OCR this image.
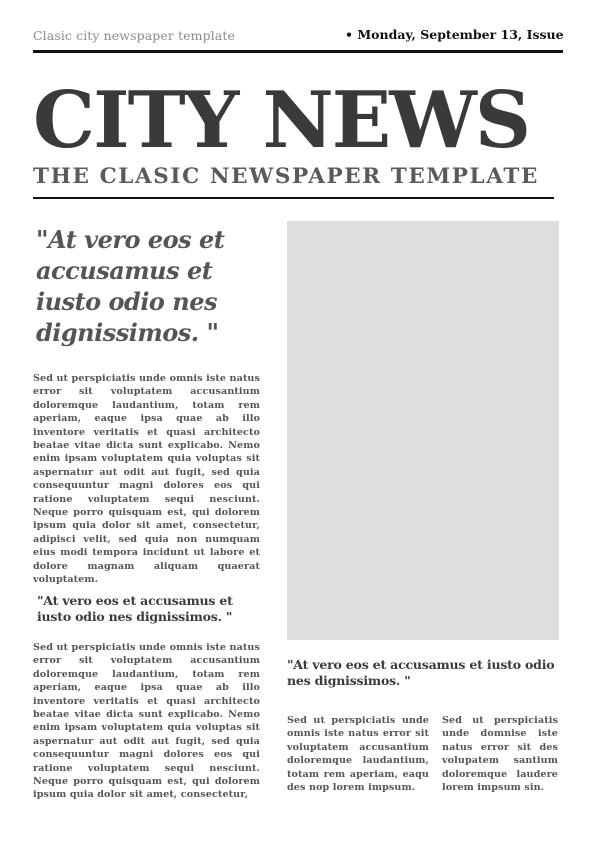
Clasic city newspaper template	• Monday, September 13, Issue
CITY NEWS
THE CLASIC NEWSPAPER TEMPLATE
"At vero eos et accusamus et iusto odio nes dignissimos. "
Sed ut perspiciatis unde omnis iste natus error sit voluptatem accusantium doloremque laudantium, totam rem aperiam, eaque ipsa quae ab illo inventore veritatis et quasi architecto beatae vitae dicta sunt explicabo. Nemo enim ipsam voluptatem quia voluptas sit aspernatur aut odit aut fugit, sed quia consequuntur magni dolores eos qui ratione voluptatem sequi nesciunt. Neque porro quisquam est, qui dolorem ipsum quia dolor sit amet, consectetur, adipisci velit, sed quia non numquam eius modi tempora incidunt ut labore et dolore magnam aliquam quaerat voluptatem.
"At vero eos et accusamus et iusto odio nes dignissimos. "
Sed ut perspiciatis unde omnis iste natus error sit voluptatem accusantium doloremque laudantium, totam rem aperiam, eaque ipsa quae ab illo inventore veritatis et quasi architecto beatae vitae dicta sunt explicabo. Nemo enim ipsam voluptatem quia voluptas sit aspernatur aut odit aut fugit, sed quia consequuntur magni dolores eos qui ratione voluptatem sequi nesciunt. Neque porro quisquam est, qui dolorem ipsum quia dolor sit amet, consectetur,
"At vero eos et accusamus et iusto odio nes dignissimos. "
Sed ut perspiciatis unde omnis iste natus error sit voluptatem accusantium doloremque laudantium, totam rem aperiam, eaqu des nop lorem impsum.
Sed ut perspiciatis unde domnise iste natus error sit des volupatem santium doloremque laudere lorem impsum sin.
